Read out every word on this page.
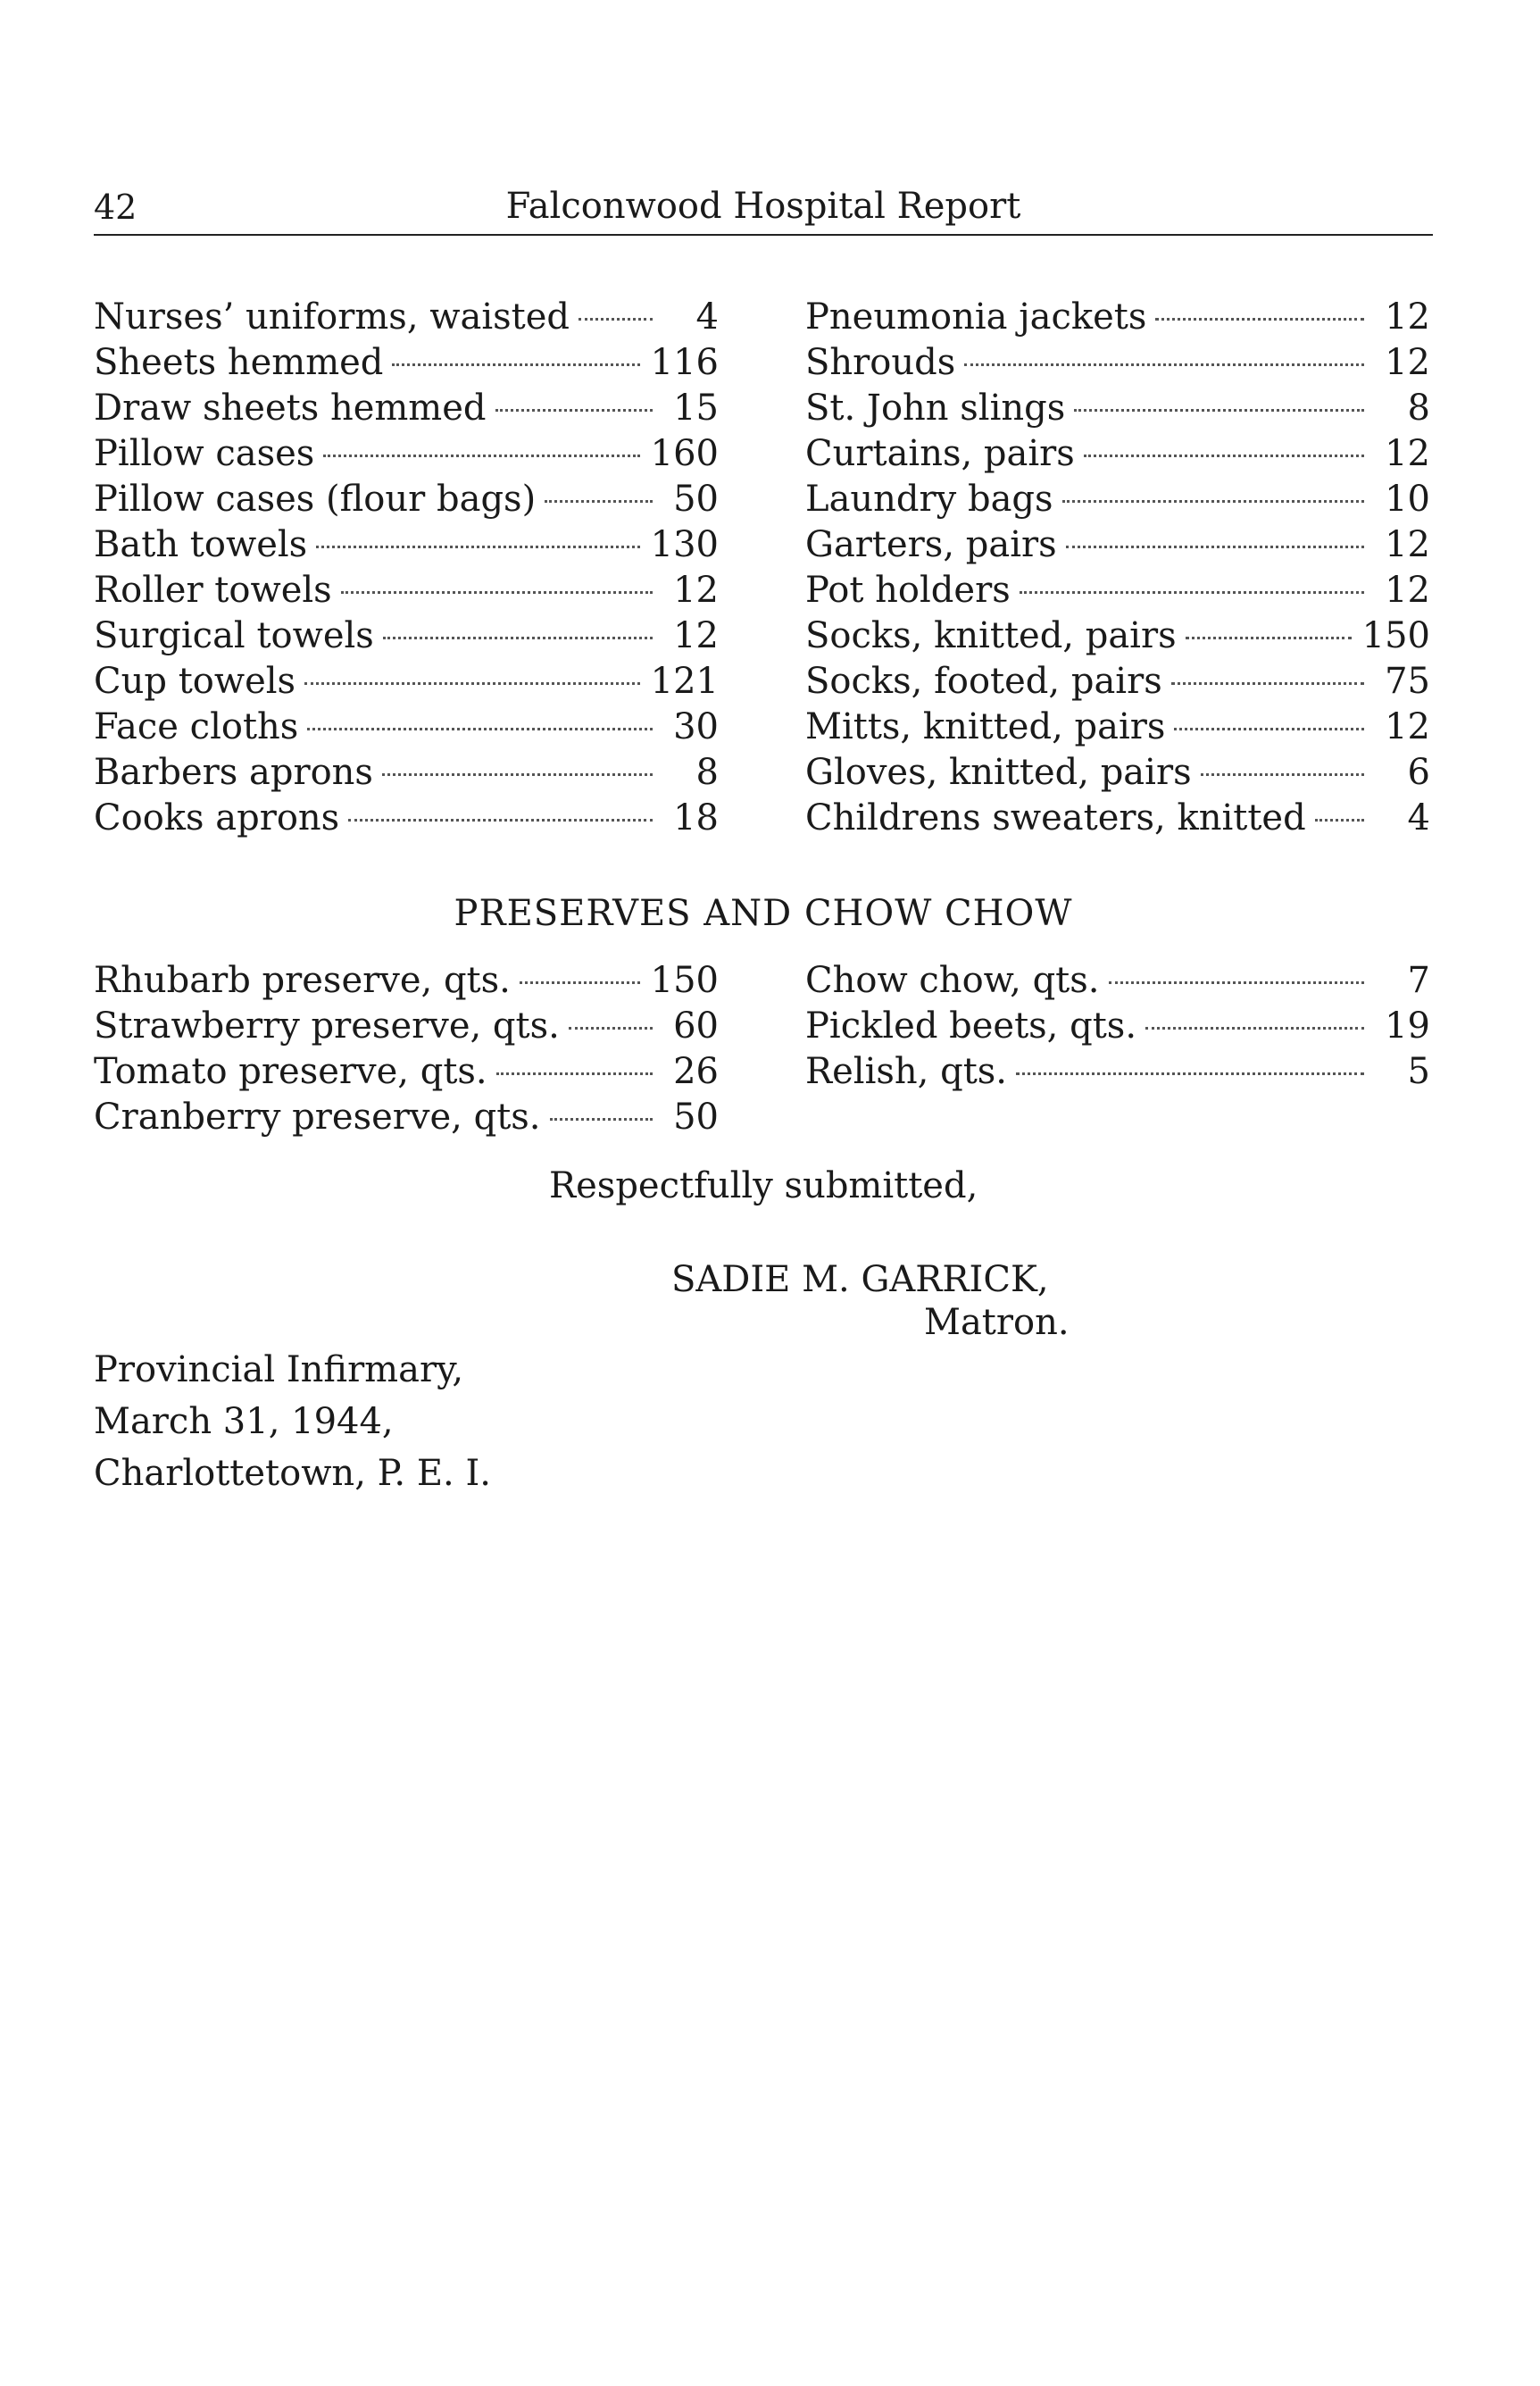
42	Falconwood Hospital Report
Nurses’ uniforms, waisted	4
Sheets hemmed	116
Draw sheets hemmed	15
Pillow cases	160
Pillow cases (flour bags)	50
Bath towels	130
Roller towels	12
Surgical towels	12
Cup towels	121
Face cloths	30
Barbers aprons	8
Cooks aprons	18
Pneumonia jackets	12
Shrouds	12
St. John slings	8
Curtains, pairs	12
Laundry bags	10
Garters, pairs	12
Pot holders	12
Socks, knitted, pairs	150
Socks, footed, pairs	75
Mitts, knitted, pairs	12
Gloves, knitted, pairs	6
Childrens sweaters, knitted	4
PRESERVES AND CHOW CHOW
Rhubarb preserve, qts.	150
Strawberry preserve, qts.	60
Tomato preserve, qts.	26
Cranberry preserve, qts.	50
Chow chow, qts.	7
Pickled beets, qts.	19
Relish, qts.	5
Respectfully submitted,
SADIE M. GARRICK,
Matron.
Provincial Infirmary,
March 31, 1944,
Charlottetown, P. E. I.
